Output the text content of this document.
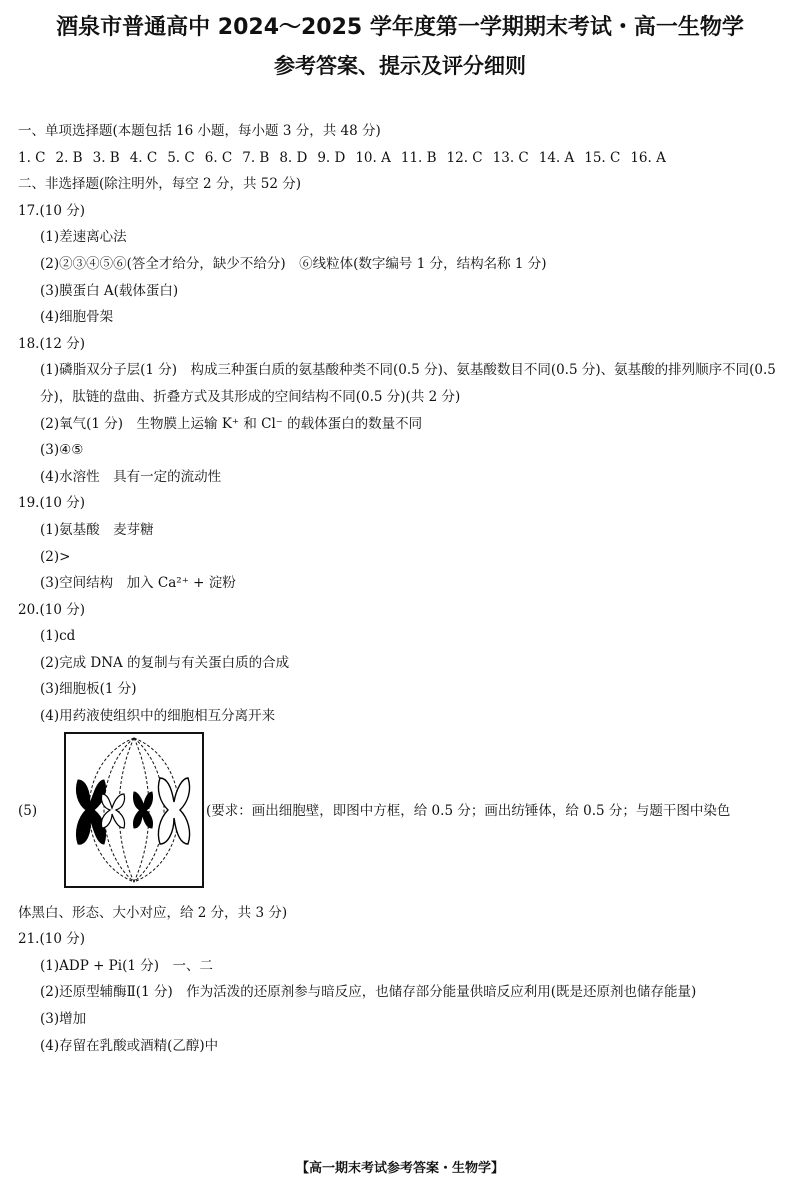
酒泉市普通高中 2024～2025 学年度第一学期期末考试・高一生物学
参考答案、提示及评分细则
一、单项选择题(本题包括 16 小题，每小题 3 分，共 48 分)
1. C 2. B 3. B 4. C 5. C 6. C 7. B 8. D 9. D 10. A 11. B 12. C 13. C 14. A 15. C 16. A
二、非选择题(除注明外，每空 2 分，共 52 分)
17.(10 分)
(1)差速离心法
(2)②③④⑤⑥(答全才给分，缺少不给分)　⑥线粒体(数字编号 1 分，结构名称 1 分)
(3)膜蛋白 A(载体蛋白)
(4)细胞骨架
18.(12 分)
(1)磷脂双分子层(1 分)　构成三种蛋白质的氨基酸种类不同(0.5 分)、氨基酸数目不同(0.5 分)、氨基酸的排列顺序不同(0.5 分)，肽链的盘曲、折叠方式及其形成的空间结构不同(0.5 分)(共 2 分)
(2)氧气(1 分)　生物膜上运输 K⁺ 和 Cl⁻ 的载体蛋白的数量不同
(3)④⑤
(4)水溶性　具有一定的流动性
19.(10 分)
(1)氨基酸　麦芽糖
(2)>
(3)空间结构　加入 Ca²⁺ + 淀粉
20.(10 分)
(1)cd
(2)完成 DNA 的复制与有关蛋白质的合成
(3)细胞板(1 分)
(4)用药液使组织中的细胞相互分离开来
(5)	(要求：画出细胞壁，即图中方框，给 0.5 分；画出纺锤体，给 0.5 分；与题干图中染色
体黑白、形态、大小对应，给 2 分，共 3 分)
21.(10 分)
(1)ADP + Pi(1 分)　一、二
(2)还原型辅酶Ⅱ(1 分)　作为活泼的还原剂参与暗反应，也储存部分能量供暗反应利用(既是还原剂也储存能量)
(3)增加
(4)存留在乳酸或酒精(乙醇)中
【高一期末考试参考答案・生物学】
